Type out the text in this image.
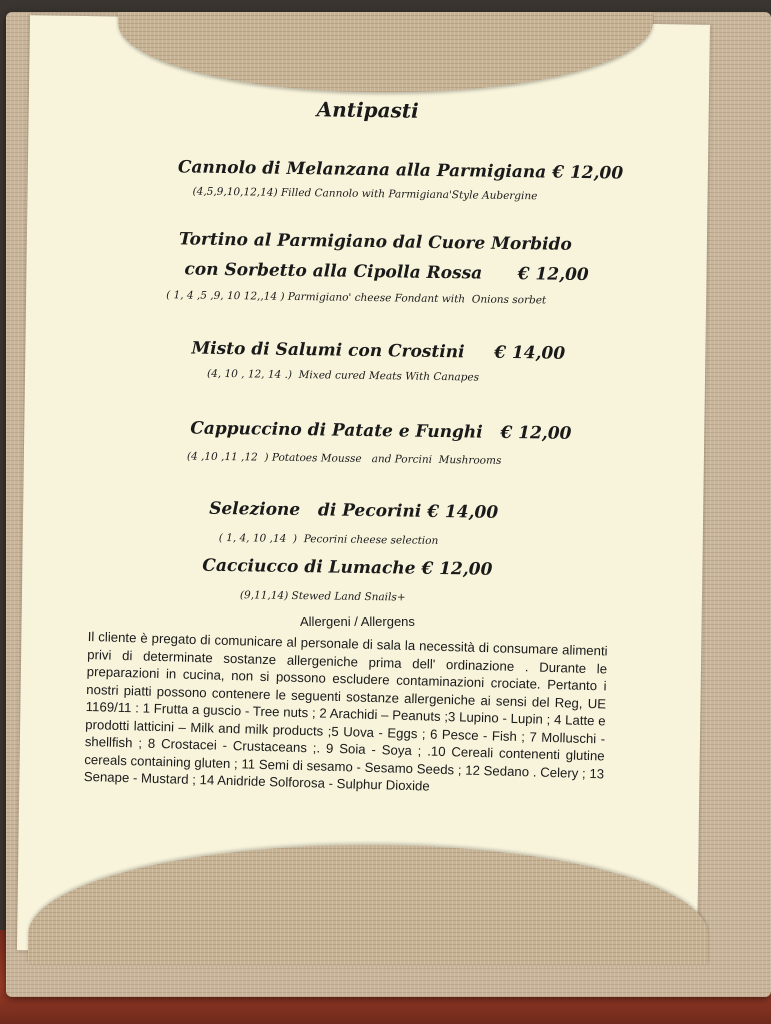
Antipasti
Cannolo di Melanzana alla Parmigiana € 12,00
(4,5,9,10,12,14) Filled Cannolo with Parmigiana'Style Aubergine
Tortino al Parmigiano dal Cuore Morbido
con Sorbetto alla Cipolla Rossa      € 12,00
( 1, 4 ,5 ,9, 10 12,,14 ) Parmigiano' cheese Fondant with  Onions sorbet
Misto di Salumi con Crostini     € 14,00
(4, 10 , 12, 14 .)  Mixed cured Meats With Canapes
Cappuccino di Patate e Funghi   € 12,00
(4 ,10 ,11 ,12  ) Potatoes Mousse   and Porcini  Mushrooms
Selezione   di Pecorini € 14,00
( 1, 4, 10 ,14  )  Pecorini cheese selection
Cacciucco di Lumache € 12,00
(9,11,14) Stewed Land Snails+
Allergeni / Allergens
Il cliente è pregato di comunicare al personale di sala la necessità di consumare alimenti privi di determinate sostanze allergeniche prima dell' ordinazione . Durante le preparazioni in cucina, non si possono escludere contaminazioni crociate. Pertanto i nostri piatti possono contenere le seguenti sostanze allergeniche ai sensi del Reg, UE 1169/11 : 1 Frutta a guscio - Tree nuts ; 2 Arachidi – Peanuts ;3 Lupino - Lupin ; 4 Latte e prodotti latticini – Milk and milk products ;5 Uova - Eggs ; 6 Pesce - Fish ; 7 Molluschi - shellfish ; 8 Crostacei - Crustaceans ;. 9 Soia - Soya ; .10 Cereali contenenti glutine cereals containing gluten ; 11 Semi di sesamo - Sesamo Seeds ; 12 Sedano . Celery ; 13 Senape - Mustard ; 14 Anidride Solforosa - Sulphur Dioxide
